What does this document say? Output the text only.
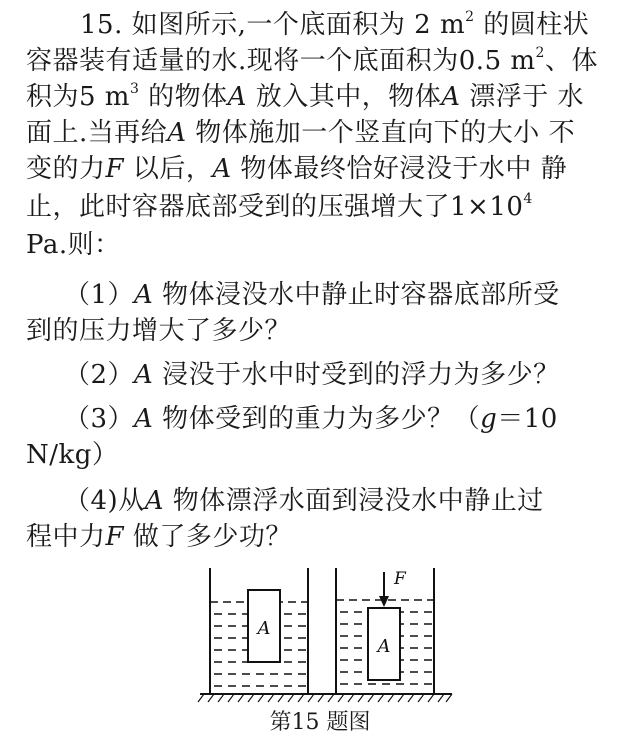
15. 如图所示,一个底面积为 2 $m^2$ 的圆柱状
容器装有适量的水.现将一个底面积为0.5 $m^2$、体
积为5 $m^3$ 的物体A 放入其中，物体A 漂浮于 水
面上.当再给A 物体施加一个竖直向下的大小 不
变的力F 以后，A 物体最终恰好浸没于水中 静
止，此时容器底部受到的压强增大了$1\times 10^4$
Pa.则：
（1）A 物体浸没水中静止时容器底部所受
到的压力增大了多少？
（2）A 浸没于水中时受到的浮力为多少？
（3）A 物体受到的重力为多少？（g＝10
N/kg）
（4)从A 物体漂浮水面到浸没水中静止过
程中力F 做了多少功？
A
A
F
第15 题图
